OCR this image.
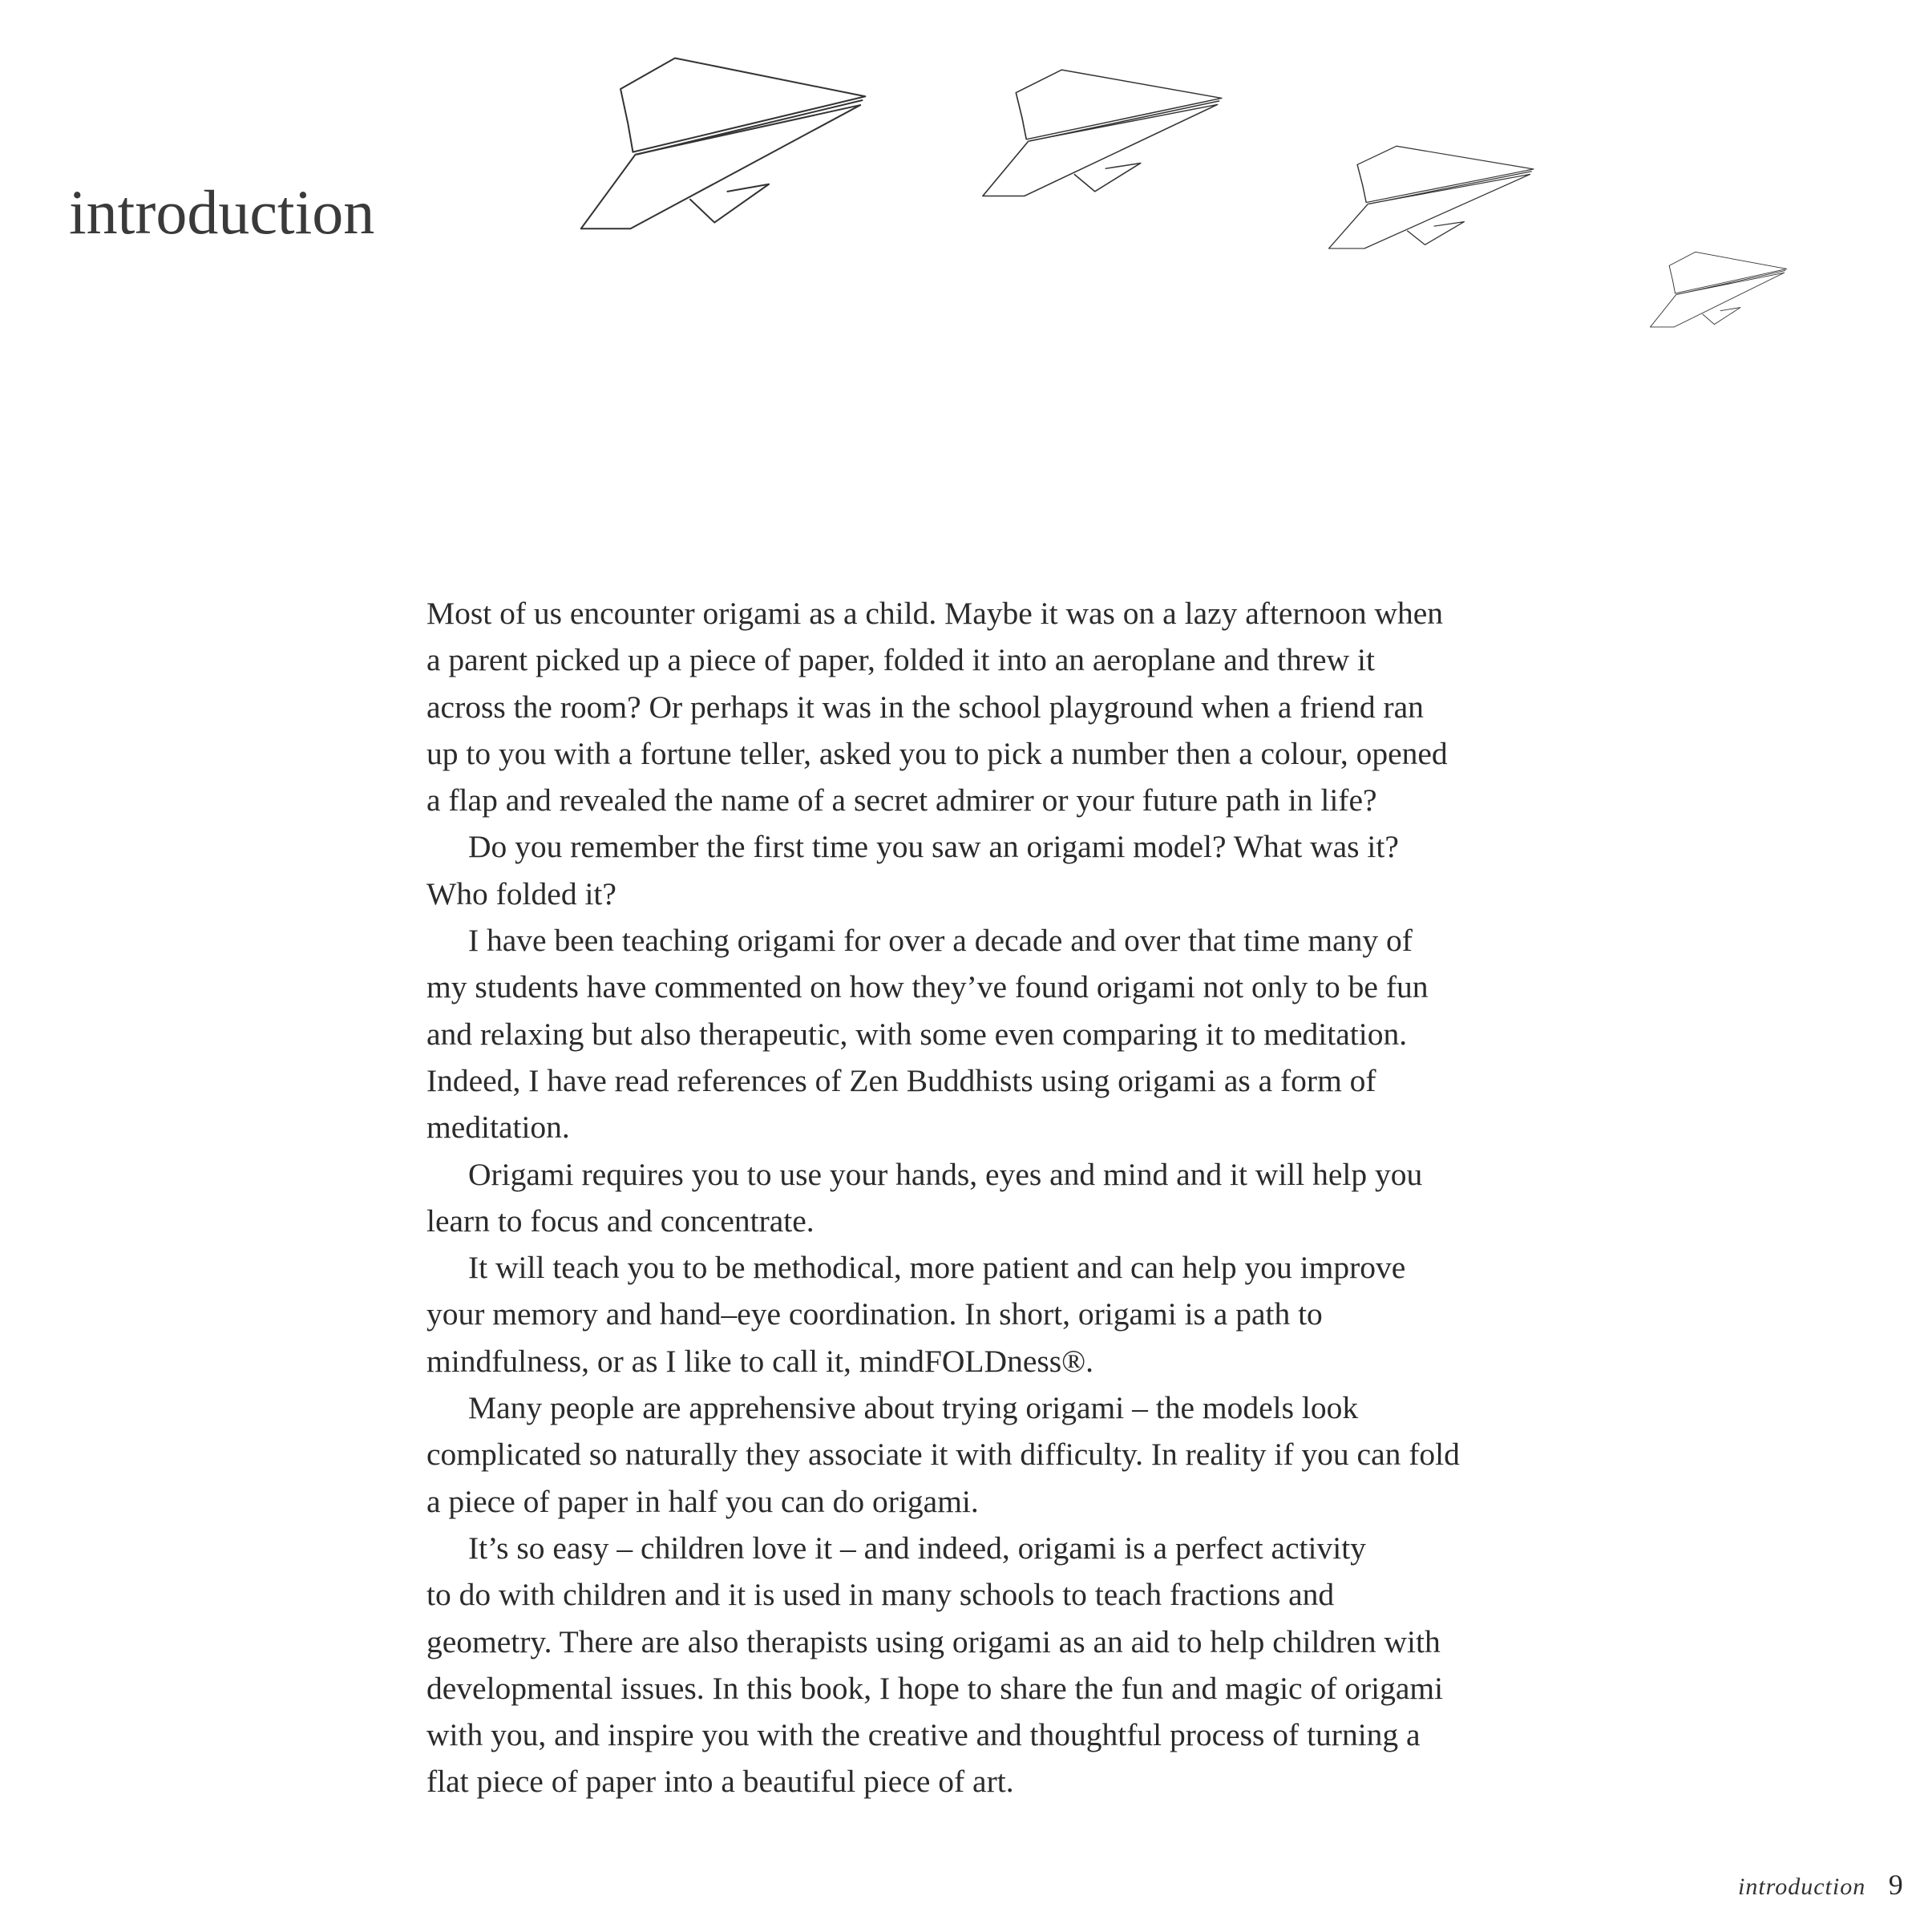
introduction
Most of us encounter origami as a child. Maybe it was on a lazy afternoon when
a parent picked up a piece of paper, folded it into an aeroplane and threw it
across the room? Or perhaps it was in the school playground when a friend ran
up to you with a fortune teller, asked you to pick a number then a colour, opened
a flap and revealed the name of a secret admirer or your future path in life?
Do you remember the first time you saw an origami model? What was it?
Who folded it?
I have been teaching origami for over a decade and over that time many of
my students have commented on how they’ve found origami not only to be fun
and relaxing but also therapeutic, with some even comparing it to meditation.
Indeed, I have read references of Zen Buddhists using origami as a form of
meditation.
Origami requires you to use your hands, eyes and mind and it will help you
learn to focus and concentrate.
It will teach you to be methodical, more patient and can help you improve
your memory and hand–eye coordination. In short, origami is a path to
mindfulness, or as I like to call it, mindFOLDness®.
Many people are apprehensive about trying origami – the models look
complicated so naturally they associate it with difficulty. In reality if you can fold
a piece of paper in half you can do origami.
It’s so easy – children love it – and indeed, origami is a perfect activity
to do with children and it is used in many schools to teach fractions and
geometry. There are also therapists using origami as an aid to help children with
developmental issues. In this book, I hope to share the fun and magic of origami
with you, and inspire you with the creative and thoughtful process of turning a
flat piece of paper into a beautiful piece of art.
introduction 9
